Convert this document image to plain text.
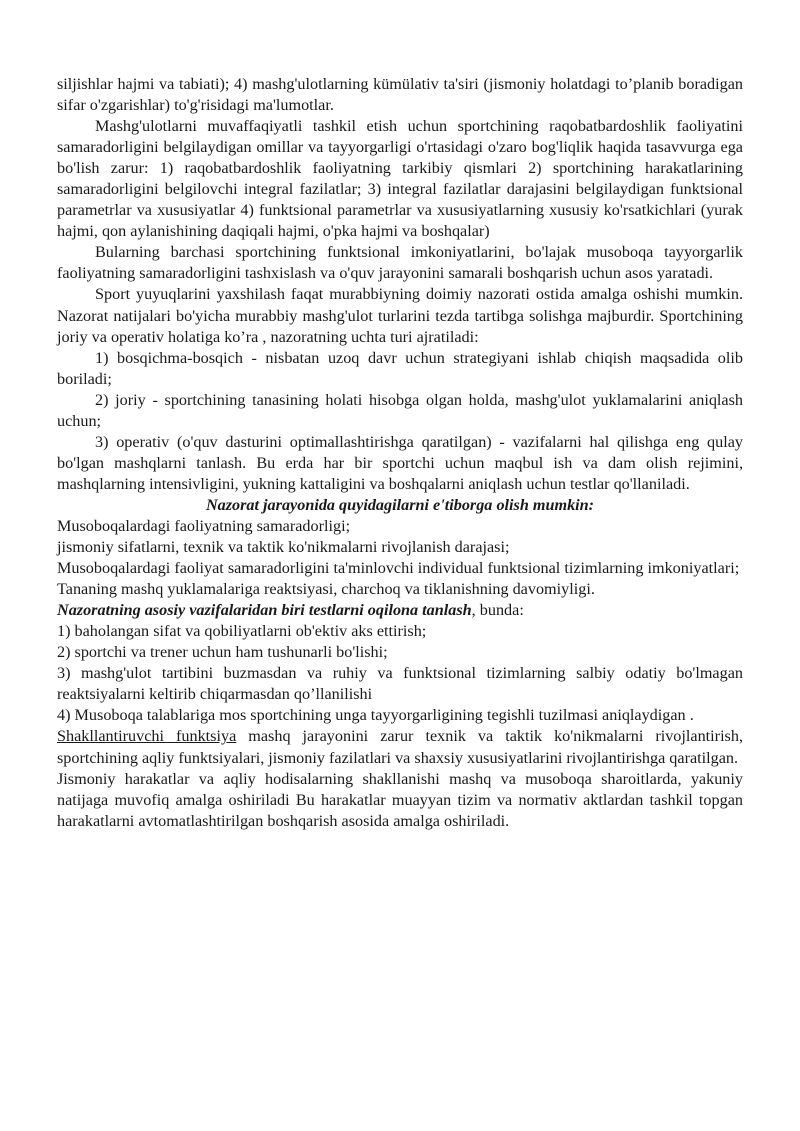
siljishlar hajmi va tabiati); 4) mashg'ulotlarning kümülativ ta'siri (jismoniy holatdagi to’planib boradigan sifar o'zgarishlar) to'g'risidagi ma'lumotlar.

Mashg'ulotlarni muvaffaqiyatli tashkil etish uchun sportchining raqobatbardoshlik faoliyatini samaradorligini belgilaydigan omillar va tayyorgarligi o'rtasidagi o'zaro bog'liqlik haqida tasavvurga ega bo'lish zarur: 1) raqobatbardoshlik faoliyatning tarkibiy qismlari 2) sportchining harakatlarining samaradorligini belgilovchi integral fazilatlar; 3) integral fazilatlar darajasini belgilaydigan funktsional parametrlar va xususiyatlar 4) funktsional parametrlar va xususiyatlarning xususiy ko'rsatkichlari (yurak hajmi, qon aylanishining daqiqali hajmi, o'pka hajmi va boshqalar)

Bularning barchasi sportchining funktsional imkoniyatlarini, bo'lajak musoboqa tayyorgarlik faoliyatning samaradorligini tashxislash va o'quv jarayonini samarali boshqarish uchun asos yaratadi.

Sport yuyuqlarini yaxshilash faqat murabbiyning doimiy nazorati ostida amalga oshishi mumkin. Nazorat natijalari bo'yicha murabbiy mashg'ulot turlarini tezda tartibga solishga majburdir. Sportchining joriy va operativ holatiga ko’ra , nazoratning uchta turi ajratiladi:

1) bosqichma-bosqich - nisbatan uzoq davr uchun strategiyani ishlab chiqish maqsadida olib boriladi;

2) joriy - sportchining tanasining holati hisobga olgan holda, mashg'ulot yuklamalarini aniqlash uchun;

3) operativ (o'quv dasturini optimallashtirishga qaratilgan) - vazifalarni hal qilishga eng qulay bo'lgan mashqlarni tanlash. Bu erda har bir sportchi uchun maqbul ish va dam olish rejimini, mashqlarning intensivligini, yukning kattaligini va boshqalarni aniqlash uchun testlar qo'llaniladi.

Nazorat jarayonida quyidagilarni e'tiborga olish mumkin:

Musoboqalardagi faoliyatning samaradorligi;

jismoniy sifatlarni, texnik va taktik ko'nikmalarni rivojlanish darajasi;

Musoboqalardagi faoliyat samaradorligini ta'minlovchi individual funktsional tizimlarning imkoniyatlari;

Tananing mashq yuklamalariga reaktsiyasi, charchoq va tiklanishning davomiyligi.

Nazoratning asosiy vazifalaridan biri testlarni oqilona tanlash, bunda:

1) baholangan sifat va qobiliyatlarni ob'ektiv aks ettirish;

2) sportchi va trener uchun ham tushunarli bo'lishi;

3) mashg'ulot tartibini buzmasdan va ruhiy va funktsional tizimlarning salbiy odatiy bo'lmagan reaktsiyalarni keltirib chiqarmasdan qo’llanilishi

4) Musoboqa talablariga mos sportchining unga tayyorgarligining tegishli tuzilmasi aniqlaydigan .

Shakllantiruvchi funktsiya mashq jarayonini zarur texnik va taktik ko'nikmalarni rivojlantirish, sportchining aqliy funktsiyalari, jismoniy fazilatlari va shaxsiy xususiyatlarini rivojlantirishga qaratilgan.

Jismoniy harakatlar va aqliy hodisalarning shakllanishi mashq va musoboqa sharoitlarda, yakuniy natijaga muvofiq amalga oshiriladi Bu harakatlar muayyan tizim va normativ aktlardan tashkil topgan harakatlarni avtomatlashtirilgan boshqarish asosida amalga oshiriladi.
